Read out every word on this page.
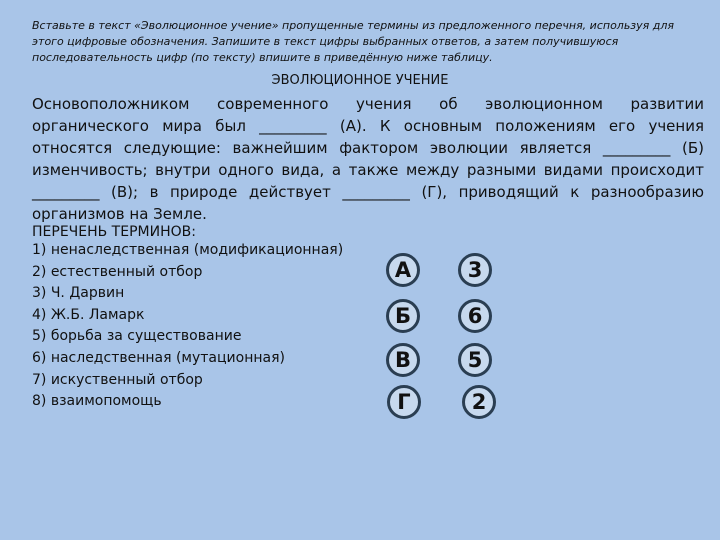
Вставьте в текст «Эволюционное учение» пропущенные термины из предложенного перечня, используя для этого цифровые обозначения. Запишите в текст цифры выбранных ответов, а затем получившуюся последовательность цифр (по тексту) впишите в приведённую ниже таблицу.
ЭВОЛЮЦИОННОЕ УЧЕНИЕ
Основоположником современного учения об эволюционном развитии органического мира был _________ (А). К основным положениям его учения относятся следующие: важнейшим фактором эволюции является _________ (Б) изменчивость; внутри одного вида, а также между разными видами происходит _________ (В); в природе действует _________ (Г), приводящий к разнообразию организмов на Земле.
ПЕРЕЧЕНЬ ТЕРМИНОВ:
1) ненаследственная (модификационная)
2) естественный отбор
3) Ч. Дарвин
4) Ж.Б. Ламарк
5) борьба за существование
6) наследственная (мутационная)
7) искуственный отбор
8) взаимопомощь
А
Б
В
Г
3
6
5
2
